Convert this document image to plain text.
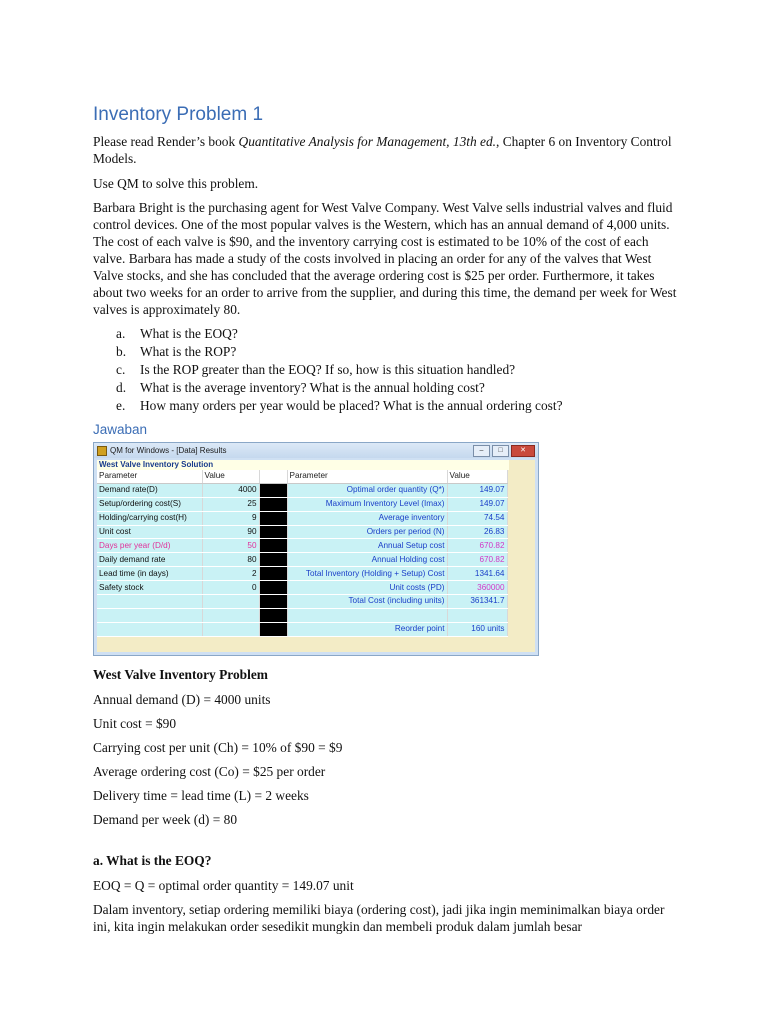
Inventory Problem 1

Please read Render’s book Quantitative Analysis for Management, 13th ed., Chapter 6 on Inventory Control Models.

Use QM to solve this problem.

Barbara Bright is the purchasing agent for West Valve Company. West Valve sells industrial valves and fluid control devices. One of the most popular valves is the Western, which has an annual demand of 4,000 units. The cost of each valve is $90, and the inventory carrying cost is estimated to be 10% of the cost of each valve. Barbara has made a study of the costs involved in placing an order for any of the valves that West Valve stocks, and she has concluded that the average ordering cost is $25 per order. Furthermore, it takes about two weeks for an order to arrive from the supplier, and during this time, the demand per week for West valves is approximately 80.

a.	What is the EOQ?
b.	What is the ROP?
c.	Is the ROP greater than the EOQ? If so, how is this situation handled?
d.	What is the average inventory? What is the annual holding cost?
e.	How many orders per year would be placed? What is the annual ordering cost?
Jawaban
QM for Windows - [Data] Results	–	□	✕
West Valve Inventory Solution
Parameter	Value		Parameter	Value
Demand rate(D)	4000		Optimal order quantity (Q*)	149.07
Setup/ordering cost(S)	25		Maximum Inventory Level (Imax)	149.07
Holding/carrying cost(H)	9		Average inventory	74.54
Unit cost	90		Orders per period (N)	26.83
Days per year (D/d)	50		Annual Setup cost	670.82
Daily demand rate	80		Annual Holding cost	670.82
Lead time (in days)	2		Total Inventory (Holding + Setup) Cost	1341.64
Safety stock	0		Unit costs (PD)	360000
			Total Cost (including units)	361341.7

			Reorder point	160 units

West Valve Inventory Problem

Annual demand (D) = 4000 units

Unit cost = $90

Carrying cost per unit (Ch) = 10% of $90 = $9

Average ordering cost (Co) = $25 per order

Delivery time = lead time (L) = 2 weeks

Demand per week (d) = 80

a. What is the EOQ?

EOQ = Q = optimal order quantity = 149.07 unit

Dalam inventory, setiap ordering memiliki biaya (ordering cost), jadi jika ingin meminimalkan biaya order ini, kita ingin melakukan order sesedikit mungkin dan membeli produk dalam jumlah besar
